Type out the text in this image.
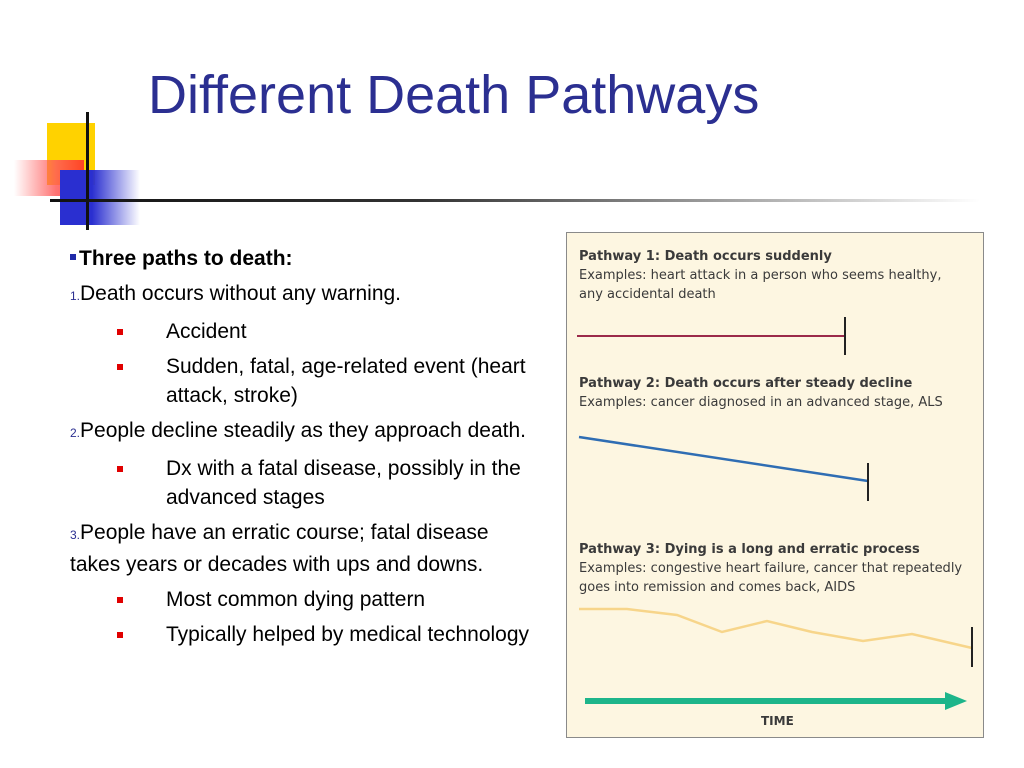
Different Death Pathways
Three paths to death:
1.Death occurs without any warning.
Accident
Sudden, fatal, age-related event (heart attack, stroke)
2.People decline steadily as they approach death.
Dx with a fatal disease, possibly in the advanced stages
3.People have an erratic course; fatal disease takes years or decades with ups and downs.
Most common dying pattern
Typically helped by medical technology
Pathway 1: Death occurs suddenly
Examples: heart attack in a person who seems healthy,
any accidental death
Pathway 2: Death occurs after steady decline
Examples: cancer diagnosed in an advanced stage, ALS
Pathway 3: Dying is a long and erratic process
Examples: congestive heart failure, cancer that repeatedly
goes into remission and comes back, AIDS
TIME
